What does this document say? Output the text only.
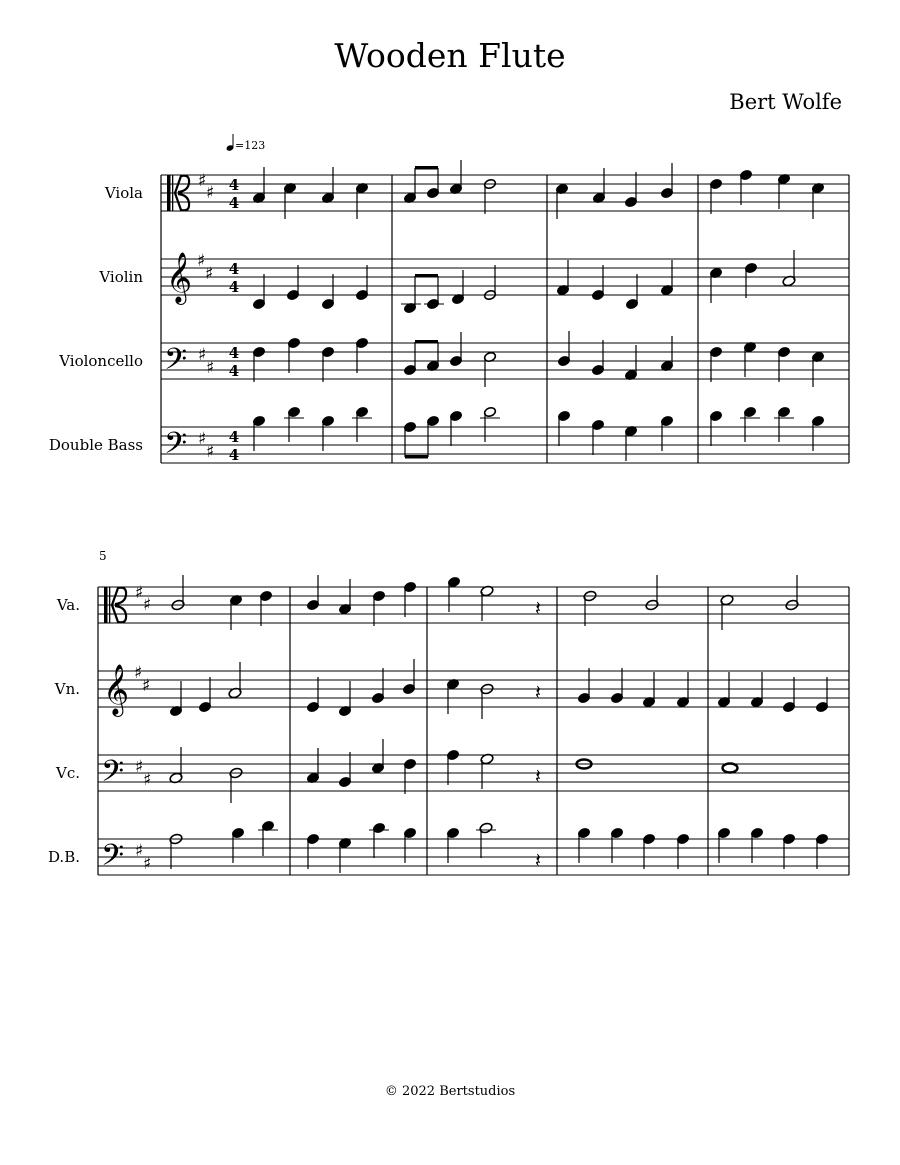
Wooden Flute
Bert Wolfe
=123
Viola
Violin
Violoncello
Double Bass
𝄞
𝄢
𝄢
♯
♯
♯
♯
♯
♯
♯
♯
4
4
4
4
4
4
4
4
5
Va.
Vn.
Vc.
D.B.
𝄞
𝄢
𝄢
♯
♯
♯
♯
♯
♯
♯
♯
𝄽
𝄽
𝄽
𝄽
© 2022 Bertstudios
